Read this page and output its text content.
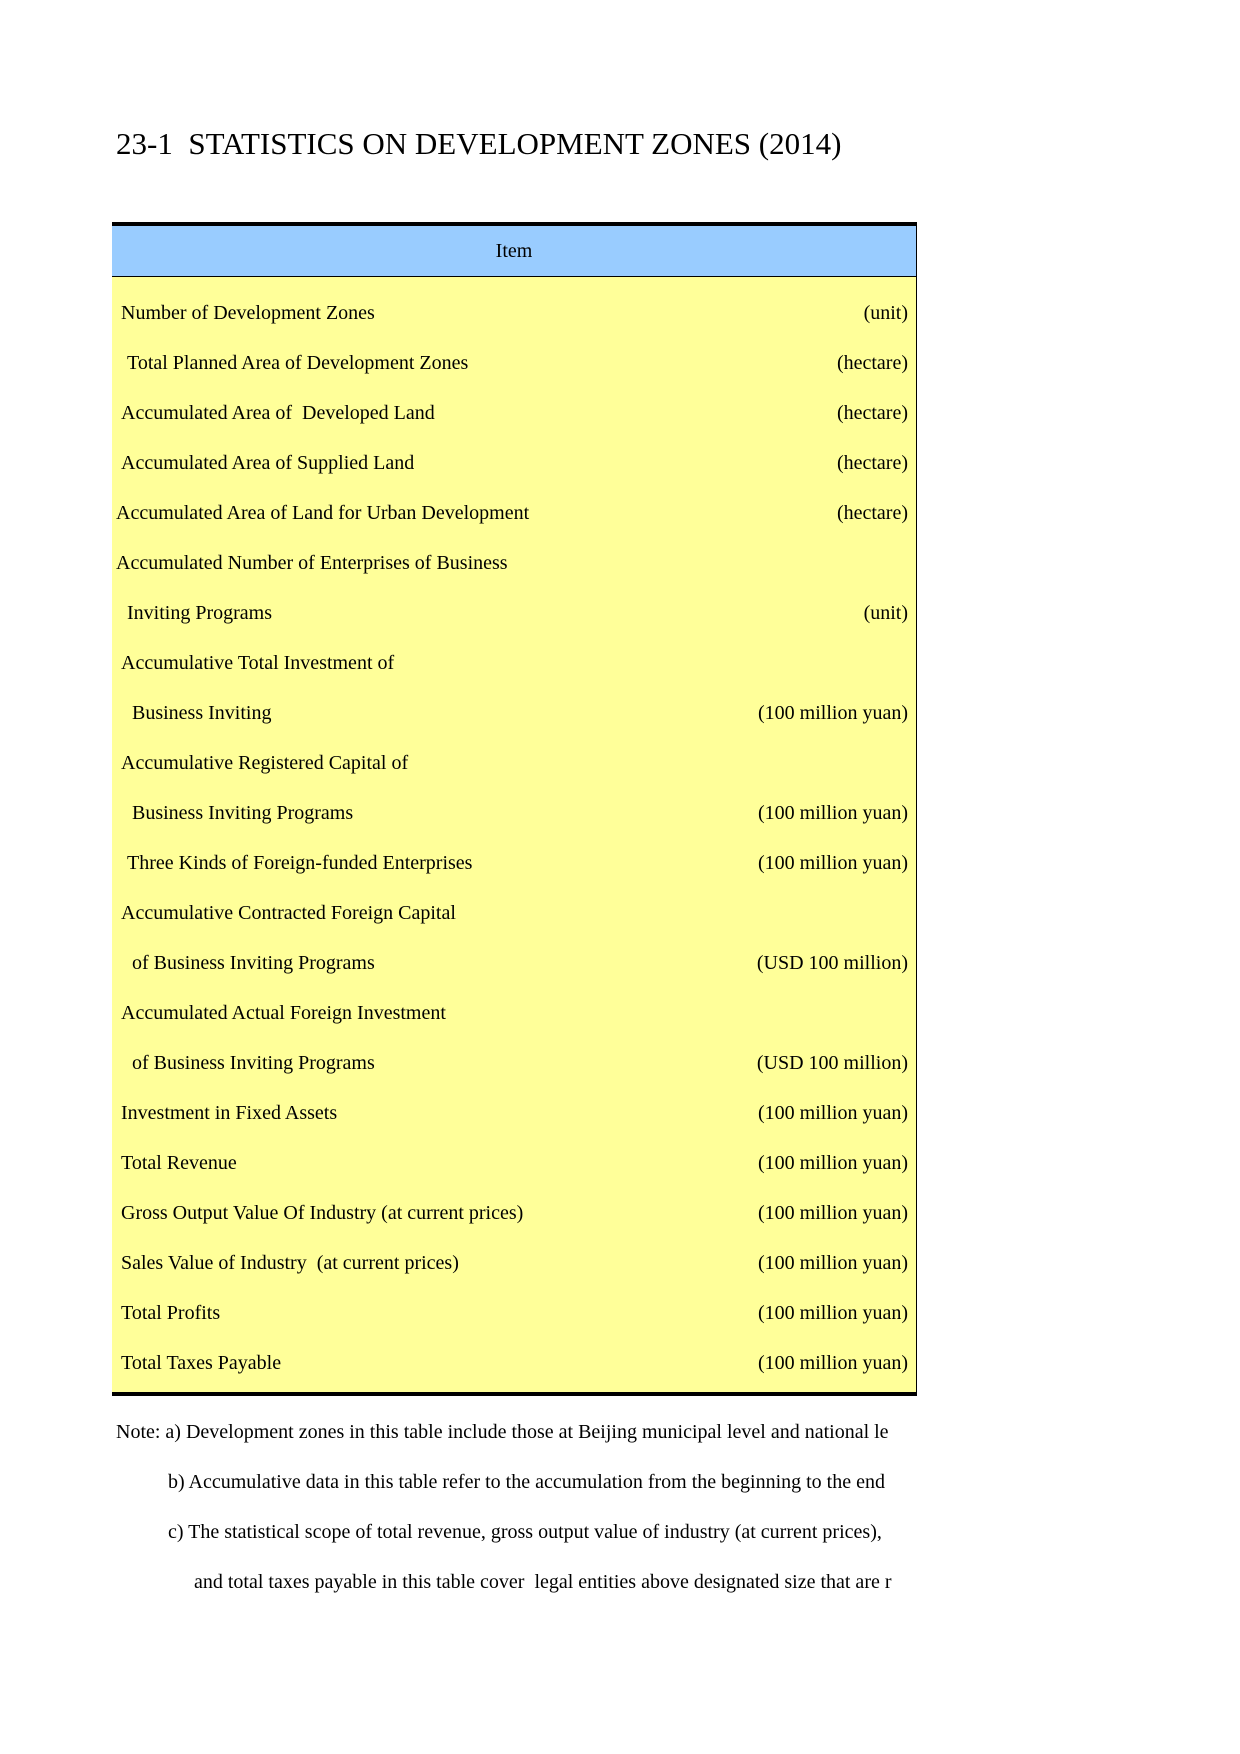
23-1  STATISTICS ON DEVELOPMENT ZONES (2014)
Item
Number of Development Zones	(unit)
Total Planned Area of Development Zones	(hectare)
Accumulated Area of  Developed Land	(hectare)
Accumulated Area of Supplied Land	(hectare)
Accumulated Area of Land for Urban Development	(hectare)
Accumulated Number of Enterprises of Business
Inviting Programs	(unit)
Accumulative Total Investment of
Business Inviting	(100 million yuan)
Accumulative Registered Capital of
Business Inviting Programs	(100 million yuan)
Three Kinds of Foreign-funded Enterprises	(100 million yuan)
Accumulative Contracted Foreign Capital
of Business Inviting Programs	(USD 100 million)
Accumulated Actual Foreign Investment
of Business Inviting Programs	(USD 100 million)
Investment in Fixed Assets	(100 million yuan)
Total Revenue	(100 million yuan)
Gross Output Value Of Industry (at current prices)	(100 million yuan)
Sales Value of Industry  (at current prices)	(100 million yuan)
Total Profits	(100 million yuan)
Total Taxes Payable	(100 million yuan)
Note: a) Development zones in this table include those at Beijing municipal level and national le
b) Accumulative data in this table refer to the accumulation from the beginning to the end
c) The statistical scope of total revenue, gross output value of industry (at current prices),
and total taxes payable in this table cover  legal entities above designated size that are r
